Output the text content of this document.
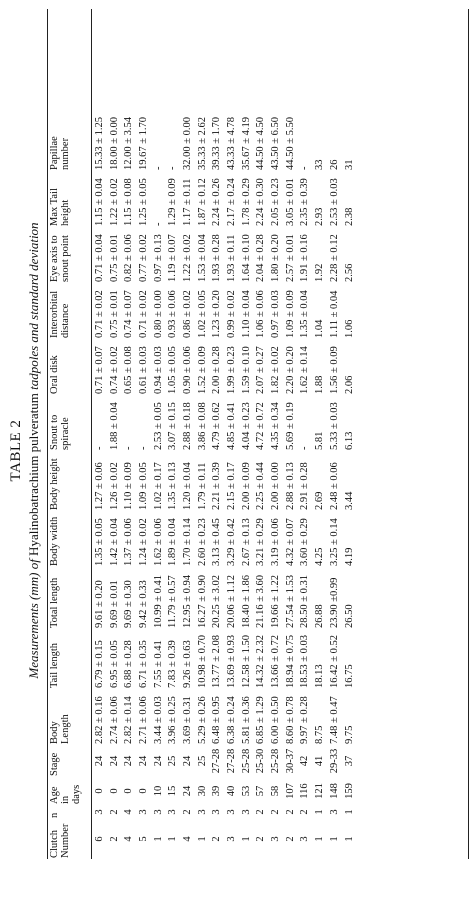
TABLE 2
Measurements (mm) of Hyalinobatrachium pulveratum tadpoles and standard deviation
Clutch Number	n	Age in days	Stage	Body Length	Tail length	Total length	Body width	Body height	Snout to spiracle	Oral disk	Interorbital distance	Eye axis to snout point	Max Tail height	Papillae number
6	3	0	24	2.82 ± 0.16	6.79 ± 0.15	9.61 ± 0.20	1.35 ± 0.05	1.27 ± 0.06	-	0.71 ± 0.07	0.71 ± 0.02	0.71 ± 0.04	1.15 ± 0.04	15.33 ± 1.25
2	2	0	24	2.74 ± 0.06	6.95 ± 0.05	9.69 ± 0.01	1.42 ± 0.04	1.26 ± 0.02	1.88 ± 0.04	0.74 ± 0.02	0.75 ± 0.01	0.75 ± 0.01	1.22 ± 0.02	18.00 ± 0.00
4	4	0	24	2.82 ± 0.14	6.88 ± 0.28	9.69 ± 0.30	1.37 ± 0.06	1.10 ± 0.09	-	0.65 ± 0.08	0.74 ± 0.07	0.82 ± 0.06	1.15 ± 0.08	12.00 ± 3.54
5	3	0	24	2.71 ± 0.06	6.71 ± 0.35	9.42 ± 0.33	1.24 ± 0.02	1.09 ± 0.05	-	0.61 ± 0.03	0.71 ± 0.02	0.77 ± 0.02	1.25 ± 0.05	19.67 ± 1.70
1	3	10	24	3.44 ± 0.03	7.55 ± 0.41	10.99 ± 0.41	1.62 ± 0.06	1.02 ± 0.17	2.53 ± 0.05	0.94 ± 0.03	0.80 ± 0.00	0.97 ± 0.13	-	-
1	3	15	25	3.96 ± 0.25	7.83 ± 0.39	11.79 ± 0.57	1.89 ± 0.04	1.35 ± 0.13	3.07 ± 0.15	1.05 ± 0.05	0.93 ± 0.06	1.19 ± 0.07	1.29 ± 0.09	-
4	2	24	24	3.69 ± 0.31	9.26 ± 0.63	12.95 ± 0.94	1.70 ± 0.14	1.20 ± 0.04	2.88 ± 0.18	0.90 ± 0.06	0.86 ± 0.02	1.22 ± 0.02	1.17 ± 0.11	32.00 ± 0.00
1	3	30	25	5.29 ± 0.26	10.98 ± 0.70	16.27 ± 0.90	2.60 ± 0.23	1.79 ± 0.11	3.86 ± 0.08	1.52 ± 0.09	1.02 ± 0.05	1.53 ± 0.04	1.87 ± 0.12	35.33 ± 2.62
2	3	39	27-28	6.48 ± 0.95	13.77 ± 2.08	20.25 ± 3.02	3.13 ± 0.45	2.21 ± 0.39	4.79 ± 0.62	2.00 ± 0.28	1.23 ± 0.20	1.93 ± 0.28	2.24 ± 0.26	39.33 ± 1.70
3	3	40	27-28	6.38 ± 0.24	13.69 ± 0.93	20.06 ± 1.12	3.29 ± 0.42	2.15 ± 0.17	4.85 ± 0.41	1.99 ± 0.23	0.99 ± 0.02	1.93 ± 0.11	2.17 ± 0.24	43.33 ± 4.78
1	3	53	25-28	5.81 ± 0.36	12.58 ± 1.50	18.40 ± 1.86	2.67 ± 0.13	2.00 ± 0.09	4.04 ± 0.23	1.59 ± 0.10	1.10 ± 0.04	1.64 ± 0.10	1.78 ± 0.29	35.67 ± 4.19
2	2	57	25-30	6.85 ± 1.29	14.32 ± 2.32	21.16 ± 3.60	3.21 ± 0.29	2.25 ± 0.44	4.72 ± 0.72	2.07 ± 0.27	1.06 ± 0.06	2.04 ± 0.28	2.24 ± 0.30	44.50 ± 4.50
3	2	58	25-28	6.00 ± 0.50	13.66 ± 0.72	19.66 ± 1.22	3.19 ± 0.06	2.00 ± 0.00	4.35 ± 0.34	1.82 ± 0.02	0.97 ± 0.03	1.80 ± 0.20	2.05 ± 0.23	43.50 ± 6.50
2	2	107	30-37	8.60 ± 0.78	18.94 ± 0.75	27.54 ± 1.53	4.32 ± 0.07	2.88 ± 0.13	5.69 ± 0.19	2.20 ± 0.20	1.09 ± 0.09	2.57 ± 0.01	3.05 ± 0.01	44.50 ± 5.50
3	2	116	42	9.97 ± 0.28	18.53 ± 0.03	28.50 ± 0.31	3.60 ± 0.29	2.91 ± 0.28	-	1.62 ± 0.14	1.35 ± 0.04	1.91 ± 0.16	2.35 ± 0.39	-
1	1	121	41	8.75	18.13	26.88	4.25	2.69	5.81	1.88	1.04	1.92	2.93	33
1	3	148	29-33	7.48 ± 0.47	16.42 ± 0.52	23.90 ±0.99	3.25 ± 0.14	2.48 ± 0.06	5.33 ± 0.03	1.56 ± 0.09	1.11 ± 0.04	2.28 ± 0.12	2.53 ± 0.03	26
1	1	159	37	9.75	16.75	26.50	4.19	3.44	6.13	2.06	1.06	2.56	2.38	31
